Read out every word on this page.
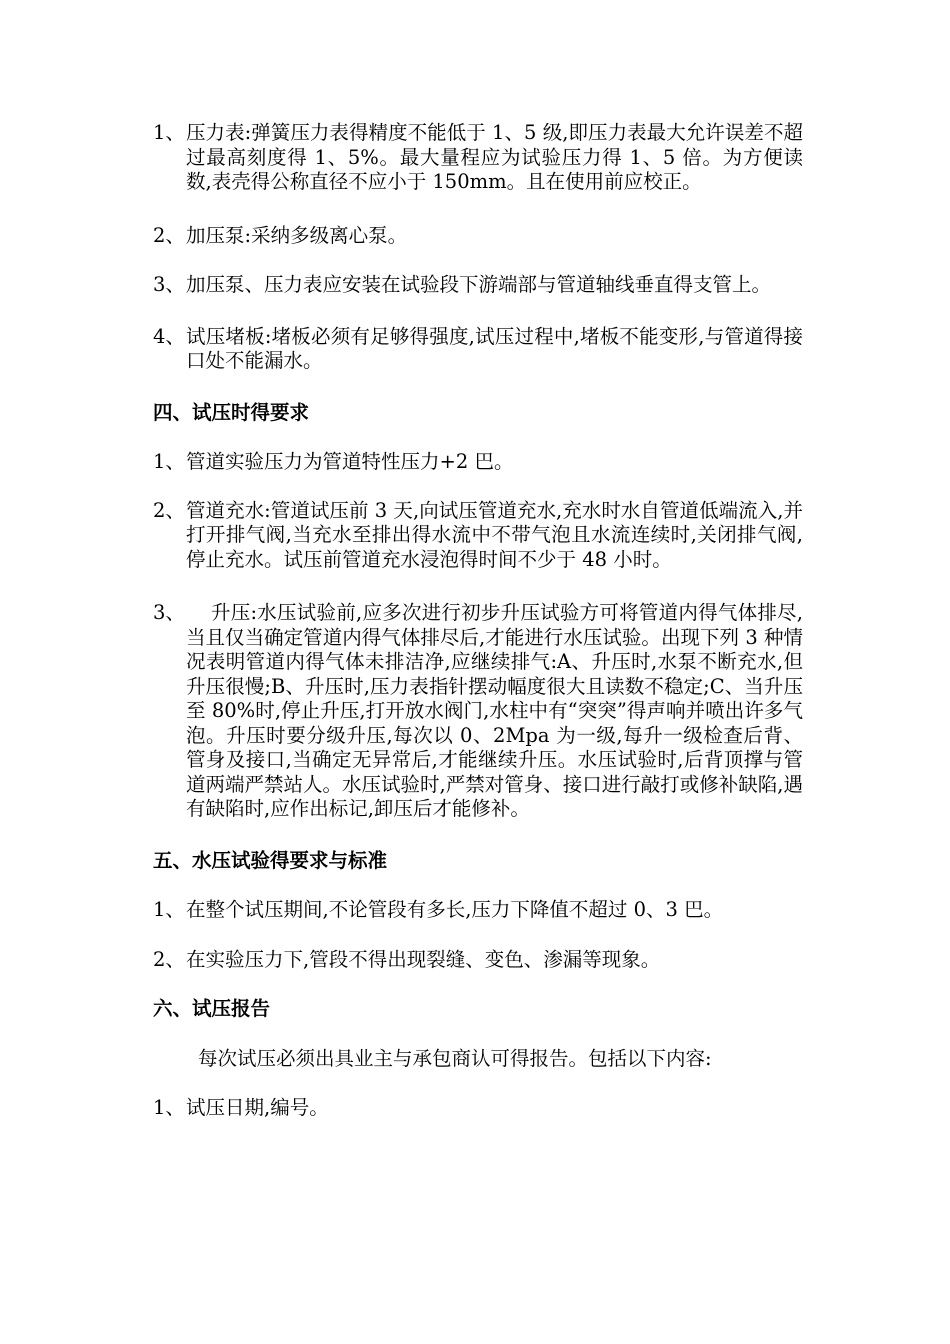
1、 压力表:弹簧压力表得精度不能低于 1、5 级,即压力表最大允许误差不超过最高刻度得 1、5%。最大量程应为试验压力得 1、5 倍。为方便读数,表壳得公称直径不应小于 150mm。且在使用前应校正。
2、 加压泵:采纳多级离心泵。
3、 加压泵、压力表应安装在试验段下游端部与管道轴线垂直得支管上。
4、 试压堵板:堵板必须有足够得强度,试压过程中,堵板不能变形,与管道得接口处不能漏水。
四、试压时得要求
1、 管道实验压力为管道特性压力+2 巴。
2、 管道充水:管道试压前 3 天,向试压管道充水,充水时水自管道低端流入,并打开排气阀,当充水至排出得水流中不带气泡且水流连续时,关闭排气阀,停止充水。试压前管道充水浸泡得时间不少于 48 小时。
3、	升压:水压试验前,应多次进行初步升压试验方可将管道内得气体排尽,当且仅当确定管道内得气体排尽后,才能进行水压试验。出现下列 3 种情况表明管道内得气体未排洁净,应继续排气:A、升压时,水泵不断充水,但升压很慢;B、升压时,压力表指针摆动幅度很大且读数不稳定;C、当升压至 80%时,停止升压,打开放水阀门,水柱中有“突突”得声响并喷出许多气泡。升压时要分级升压,每次以 0、2Mpa 为一级,每升一级检查后背、管身及接口,当确定无异常后,才能继续升压。水压试验时,后背顶撑与管道两端严禁站人。水压试验时,严禁对管身、接口进行敲打或修补缺陷,遇有缺陷时,应作出标记,卸压后才能修补。
五、水压试验得要求与标准
1、 在整个试压期间,不论管段有多长,压力下降值不超过 0、3 巴。
2、 在实验压力下,管段不得出现裂缝、变色、渗漏等现象。
六、试压报告
每次试压必须出具业主与承包商认可得报告。包括以下内容:
1、 试压日期,编号。
